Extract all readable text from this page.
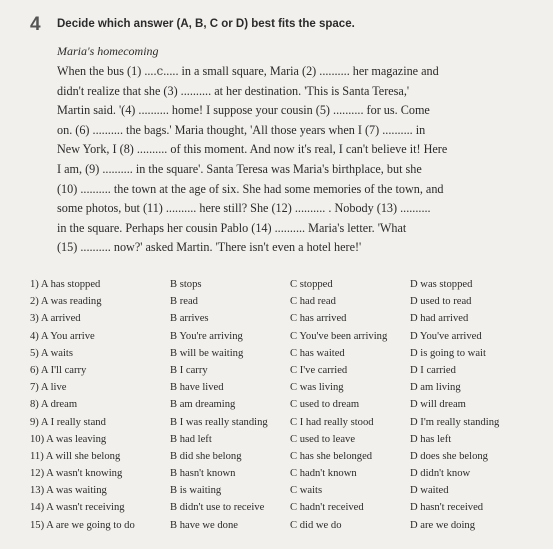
4 Decide which answer (A, B, C or D) best fits the space.
Maria's homecoming
When the bus (1) ....c..... in a small square, Maria (2) .......... her magazine and
didn't realize that she (3) .......... at her destination. 'This is Santa Teresa,'
Martin said. '(4) .......... home! I suppose your cousin (5) .......... for us. Come
on. (6) .......... the bags.' Maria thought, 'All those years when I (7) .......... in
New York, I (8) .......... of this moment. And now it's real, I can't believe it! Here
I am, (9) .......... in the square'. Santa Teresa was Maria's birthplace, but she
(10) .......... the town at the age of six. She had some memories of the town, and
some photos, but (11) .......... here still? She (12) .......... . Nobody (13) ..........
in the square. Perhaps her cousin Pablo (14) .......... Maria's letter. 'What
(15) .......... now?' asked Martin. 'There isn't even a hotel here!'
1) A has stopped	B stops	C stopped	D was stopped
2) A was reading	B read	C had read	D used to read
3) A arrived	B arrives	C has arrived	D had arrived
4) A You arrive	B You're arriving	C You've been arriving D You've arrived
5) A waits	B will be waiting	C has waited	D is going to wait
6) A I'll carry	B I carry	C I've carried	D I carried
7) A live	B have lived	C was living	D am living
8) A dream	B am dreaming	C used to dream	D will dream
9) A I really stand	B I was really standing C I had really stood	D I'm really standing
10) A was leaving	B had left	C used to leave	D has left
11) A will she belong	B did she belong	C has she belonged	D does she belong
12) A wasn't knowing	B hasn't known	C hadn't known	D didn't know
13) A was waiting	B is waiting	C waits	D waited
14) A wasn't receiving	B didn't use to receive C hadn't received	D hasn't received
15) A are we going to do	B have we done	C did we do	D are we doing
